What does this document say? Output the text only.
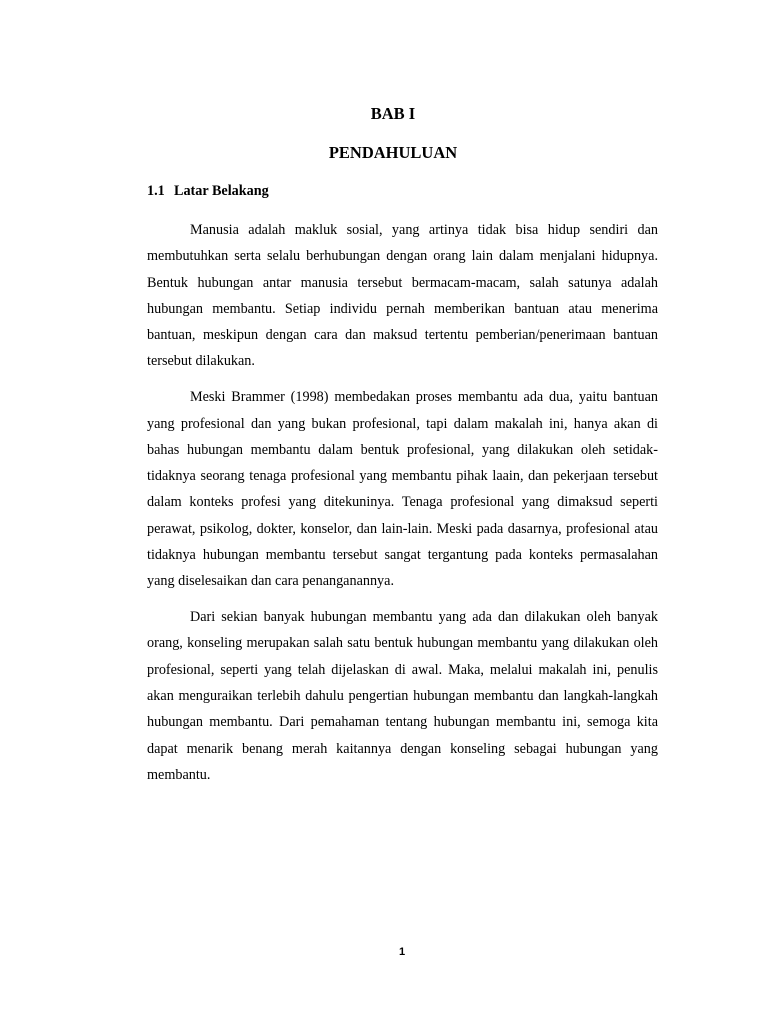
BAB I
PENDAHULUAN
1.1 Latar Belakang

Manusia adalah makluk sosial, yang artinya tidak bisa hidup sendiri dan membutuhkan serta selalu berhubungan dengan orang lain dalam menjalani hidupnya. Bentuk hubungan antar manusia tersebut bermacam-macam, salah satunya adalah hubungan membantu. Setiap individu pernah memberikan bantuan atau menerima bantuan, meskipun dengan cara dan maksud tertentu pemberian/penerimaan bantuan tersebut dilakukan.

Meski Brammer (1998) membedakan proses membantu ada dua, yaitu bantuan yang profesional dan yang bukan profesional, tapi dalam makalah ini, hanya akan di bahas hubungan membantu dalam bentuk profesional, yang dilakukan oleh setidak-tidaknya seorang tenaga profesional yang membantu pihak laain, dan pekerjaan tersebut dalam konteks profesi yang ditekuninya. Tenaga profesional yang dimaksud seperti perawat, psikolog, dokter, konselor, dan lain-lain. Meski pada dasarnya, profesional atau tidaknya hubungan membantu tersebut sangat tergantung pada konteks permasalahan yang diselesaikan dan cara penanganannya.

Dari sekian banyak hubungan membantu yang ada dan dilakukan oleh banyak orang, konseling merupakan salah satu bentuk hubungan membantu yang dilakukan oleh profesional, seperti yang telah dijelaskan di awal. Maka, melalui makalah ini, penulis akan menguraikan terlebih dahulu pengertian hubungan membantu dan langkah-langkah hubungan membantu. Dari pemahaman tentang hubungan membantu ini, semoga kita dapat menarik benang merah kaitannya dengan konseling sebagai hubungan yang membantu.

1
